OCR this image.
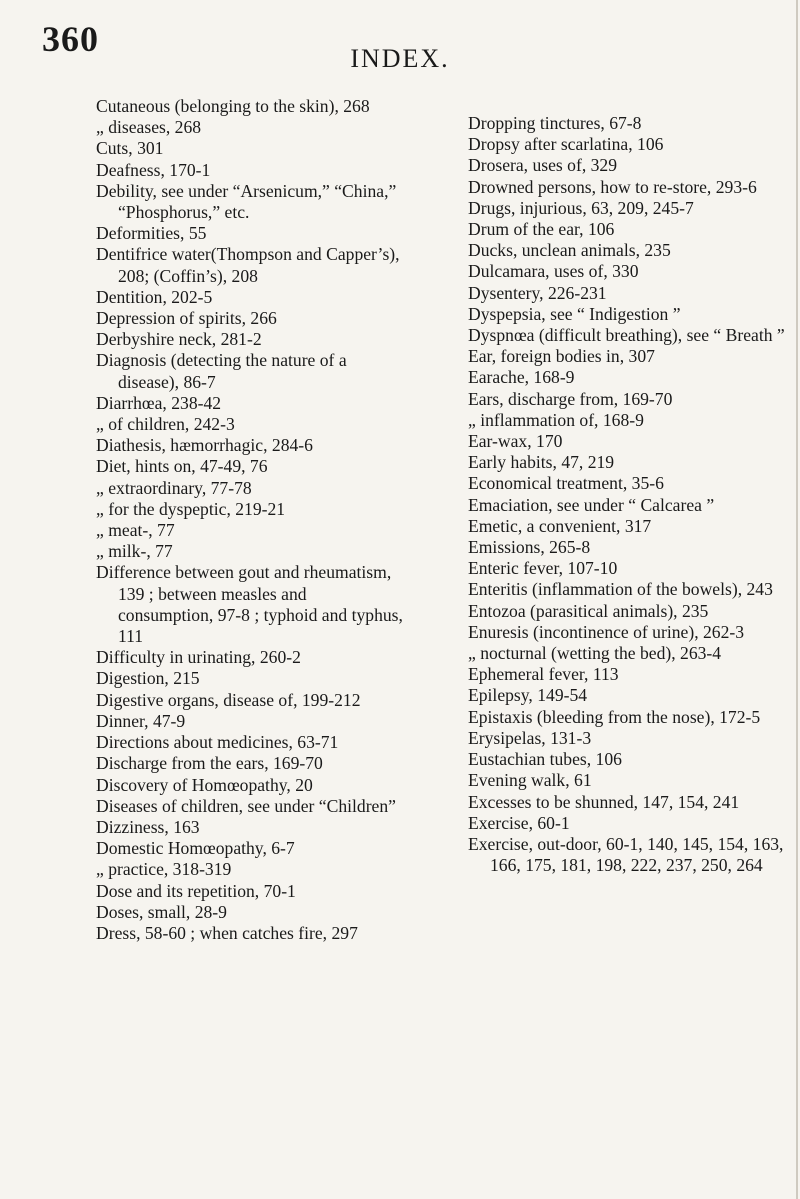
360	INDEX.

Cutaneous (belonging to the skin), 268

„ diseases, 268

Cuts, 301

Deafness, 170-1

Debility, see under “Arsenicum,” “China,” “Phosphorus,” etc.

Deformities, 55

Dentifrice water(Thompson and Capper’s), 208; (Coffin’s), 208

Dentition, 202-5

Depression of spirits, 266

Derbyshire neck, 281-2

Diagnosis (detecting the nature of a disease), 86-7

Diarrhœa, 238-42

„ of children, 242-3

Diathesis, hæmorrhagic, 284-6

Diet, hints on, 47-49, 76

„ extraordinary, 77-78

„ for the dyspeptic, 219-21

„ meat-, 77

„ milk-, 77

Difference between gout and rheumatism, 139 ; between measles and consumption, 97-8 ; typhoid and typhus, 111

Difficulty in urinating, 260-2

Digestion, 215

Digestive organs, disease of, 199-212

Dinner, 47-9

Directions about medicines, 63-71

Discharge from the ears, 169-70

Discovery of Homœopathy, 20

Diseases of children, see under “Children”

Dizziness, 163

Domestic Homœopathy, 6-7

„ practice, 318-319

Dose and its repetition, 70-1

Doses, small, 28-9

Dress, 58-60 ; when catches fire, 297

Dropping tinctures, 67-8

Dropsy after scarlatina, 106

Drosera, uses of, 329

Drowned persons, how to re-store, 293-6

Drugs, injurious, 63, 209, 245-7

Drum of the ear, 106

Ducks, unclean animals, 235

Dulcamara, uses of, 330

Dysentery, 226-231

Dyspepsia, see “ Indigestion ”

Dyspnœa (difficult breathing), see “ Breath ”

Ear, foreign bodies in, 307

Earache, 168-9

Ears, discharge from, 169-70

„ inflammation of, 168-9

Ear-wax, 170

Early habits, 47, 219

Economical treatment, 35-6

Emaciation, see under “ Calcarea ”

Emetic, a convenient, 317

Emissions, 265-8

Enteric fever, 107-10

Enteritis (inflammation of the bowels), 243

Entozoa (parasitical animals), 235

Enuresis (incontinence of urine), 262-3

„ nocturnal (wetting the bed), 263-4

Ephemeral fever, 113

Epilepsy, 149-54

Epistaxis (bleeding from the nose), 172-5

Erysipelas, 131-3

Eustachian tubes, 106

Evening walk, 61

Excesses to be shunned, 147, 154, 241

Exercise, 60-1

Exercise, out-door, 60-1, 140, 145, 154, 163, 166, 175, 181, 198, 222, 237, 250, 264
